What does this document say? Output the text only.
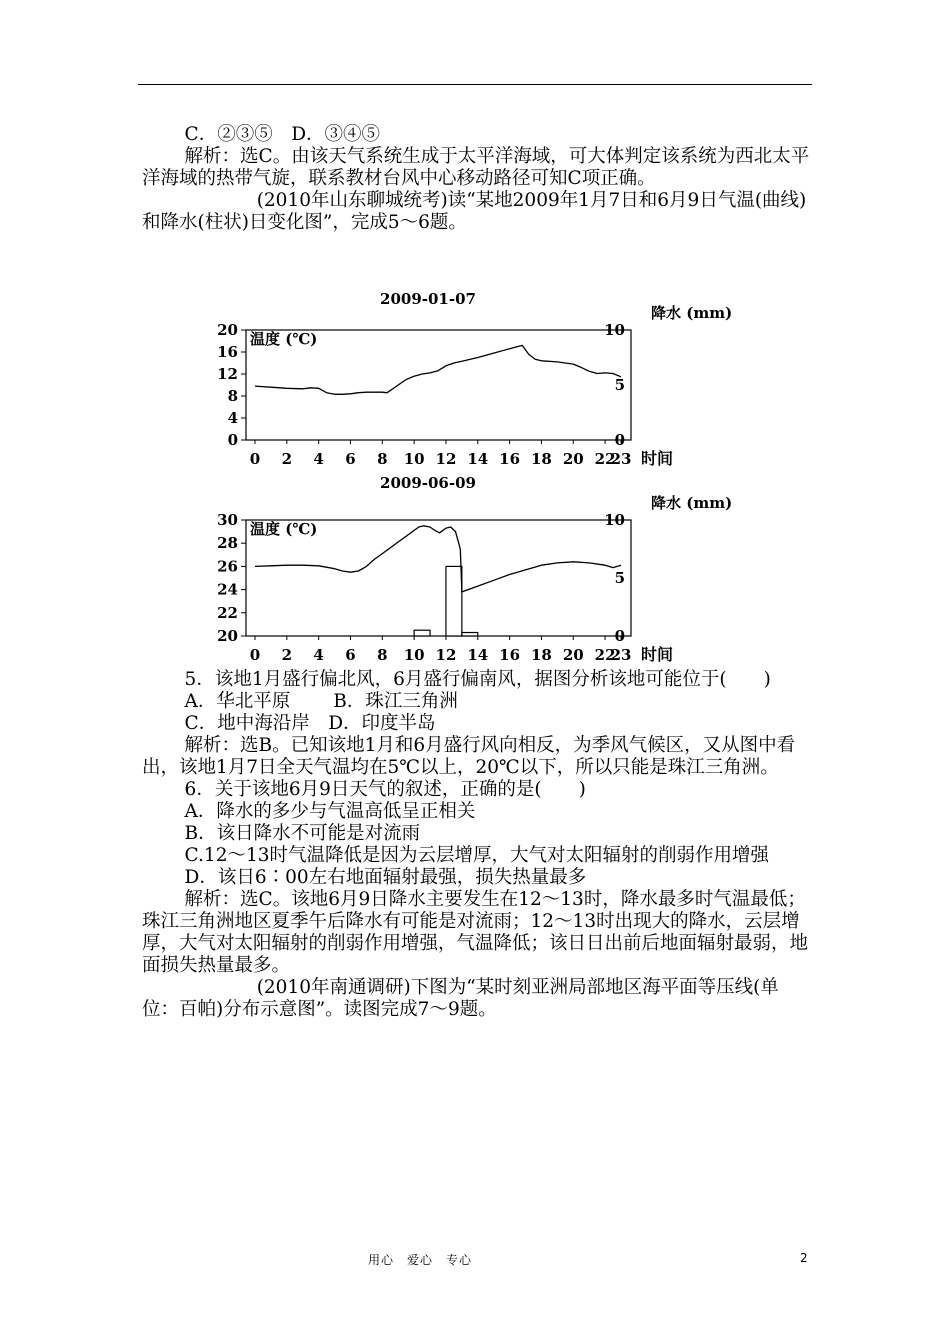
C．②③⑤　D．③④⑤

解析：选C。由该天气系统生成于太平洋海域，可大体判定该系统为西北太平洋海域的热带气旋，联系教材台风中心移动路径可知C项正确。

(2010年山东聊城统考)读“某地2009年1月7日和6月9日气温(曲线)和降水(柱状)日变化图”，完成5～6题。

2009-01-07
温度 (℃)
降水 (mm)
时间
0
4
8
12
16
20
0
5
10
0 2 4 6 8 10 12 14 16 18 20 22
23
2009-06-09
温度 (℃)
降水 (mm)
时间
20
22
24
26
28
30
0
5
10
0 2 4 6 8 10 12 14 16 18 20 22
23

5．该地1月盛行偏北风，6月盛行偏南风，据图分析该地可能位于(　　)

A．华北平原　　 B．珠江三角洲

C．地中海沿岸　D．印度半岛

解析：选B。已知该地1月和6月盛行风向相反，为季风气候区，又从图中看出，该地1月7日全天气温均在5℃以上，20℃以下，所以只能是珠江三角洲。

6．关于该地6月9日天气的叙述，正确的是(　　)

A．降水的多少与气温高低呈正相关

B．该日降水不可能是对流雨

C.12～13时气温降低是因为云层增厚，大气对太阳辐射的削弱作用增强

D．该日6∶00左右地面辐射最强，损失热量最多

解析：选C。该地6月9日降水主要发生在12～13时，降水最多时气温最低；珠江三角洲地区夏季午后降水有可能是对流雨；12～13时出现大的降水，云层增厚，大气对太阳辐射的削弱作用增强，气温降低；该日日出前后地面辐射最弱，地面损失热量最多。

(2010年南通调研)下图为“某时刻亚洲局部地区海平面等压线(单位：百帕)分布示意图”。读图完成7～9题。

用心　爱心　专心	2
